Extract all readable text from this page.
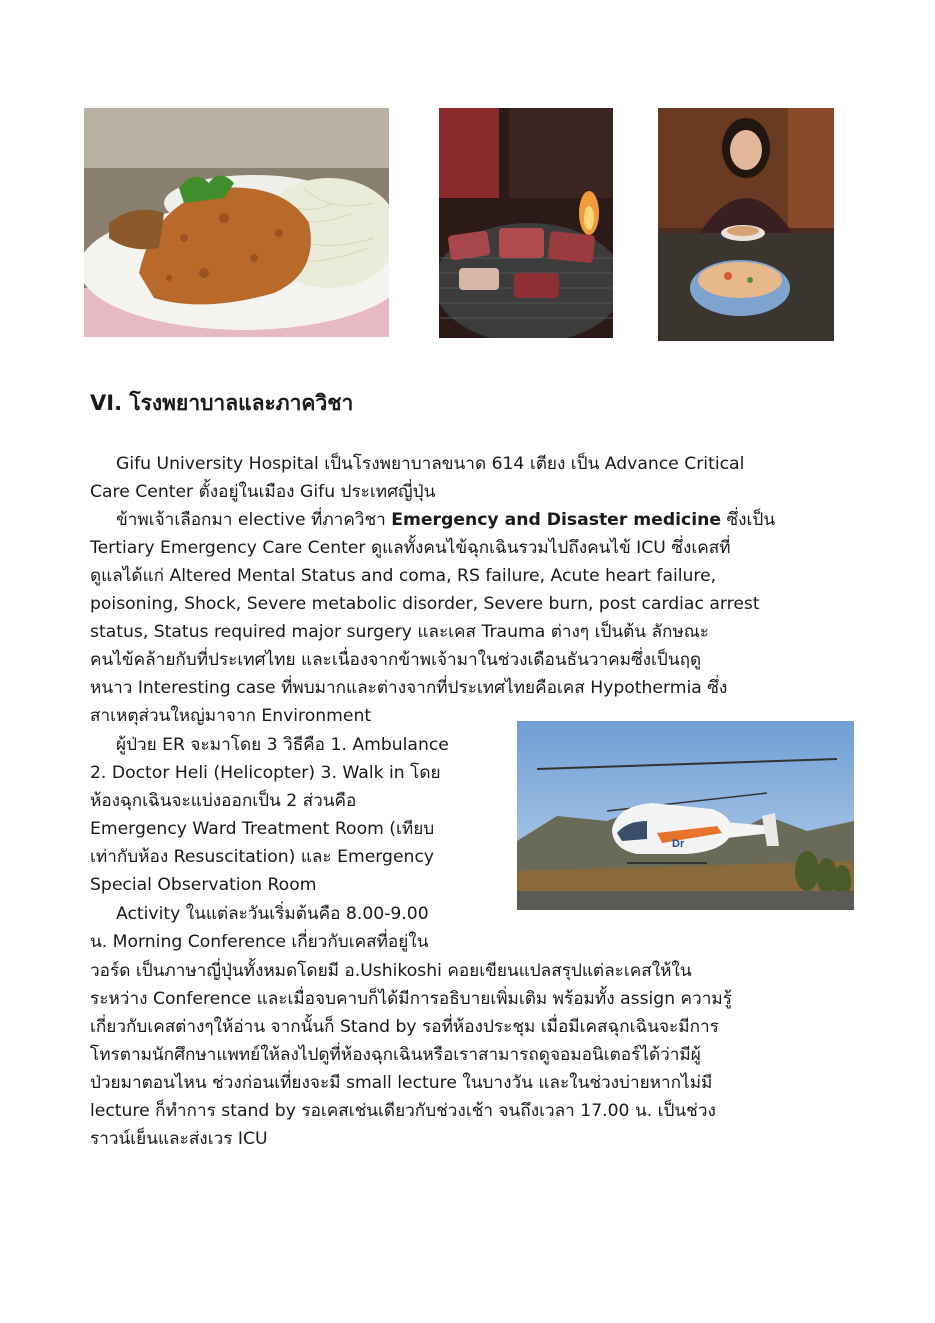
VI. โรงพยาบาลและภาควิชา

Gifu University Hospital เป็นโรงพยาบาลขนาด 614 เตียง เป็น Advance Critical

Care Center ตั้งอยู่ในเมือง Gifu ประเทศญี่ปุ่น

ข้าพเจ้าเลือกมา elective ที่ภาควิชา Emergency and Disaster medicine ซึ่งเป็น

Tertiary Emergency Care Center ดูแลทั้งคนไข้ฉุกเฉินรวมไปถึงคนไข้ ICU ซึ่งเคสที่

ดูแลได้แก่ Altered Mental Status and coma, RS failure, Acute heart failure,

poisoning, Shock, Severe metabolic disorder, Severe burn, post cardiac arrest

status, Status required major surgery และเคส Trauma ต่างๆ เป็นต้น ลักษณะ

คนไข้คล้ายกับที่ประเทศไทย และเนื่องจากข้าพเจ้ามาในช่วงเดือนธันวาคมซึ่งเป็นฤดู

หนาว Interesting case ที่พบมากและต่างจากที่ประเทศไทยคือเคส Hypothermia ซึ่ง

สาเหตุส่วนใหญ่มาจาก Environment

ผู้ป่วย ER จะมาโดย 3 วิธีคือ 1. Ambulance

2. Doctor Heli (Helicopter) 3. Walk in โดย

ห้องฉุกเฉินจะแบ่งออกเป็น 2 ส่วนคือ

Emergency Ward Treatment Room (เทียบ

เท่ากับห้อง Resuscitation) และ Emergency

Special Observation Room

Activity ในแต่ละวันเริ่มต้นคือ 8.00-9.00

น. Morning Conference เกี่ยวกับเคสที่อยู่ใน

วอร์ด เป็นภาษาญี่ปุ่นทั้งหมดโดยมี อ.Ushikoshi คอยเขียนแปลสรุปแต่ละเคสให้ใน

ระหว่าง Conference และเมื่อจบคาบก็ได้มีการอธิบายเพิ่มเติม พร้อมทั้ง assign ความรู้

เกี่ยวกับเคสต่างๆให้อ่าน จากนั้นก็ Stand by รอที่ห้องประชุม เมื่อมีเคสฉุกเฉินจะมีการ

โทรตามนักศึกษาแพทย์ให้ลงไปดูที่ห้องฉุกเฉินหรือเราสามารถดูจอมอนิเตอร์ได้ว่ามีผู้

ป่วยมาตอนไหน ช่วงก่อนเที่ยงจะมี small lecture ในบางวัน และในช่วงบ่ายหากไม่มี

lecture ก็ทำการ stand by รอเคสเช่นเดียวกับช่วงเช้า จนถึงเวลา 17.00 น. เป็นช่วง

ราวน์เย็นและส่งเวร ICU

Dr
